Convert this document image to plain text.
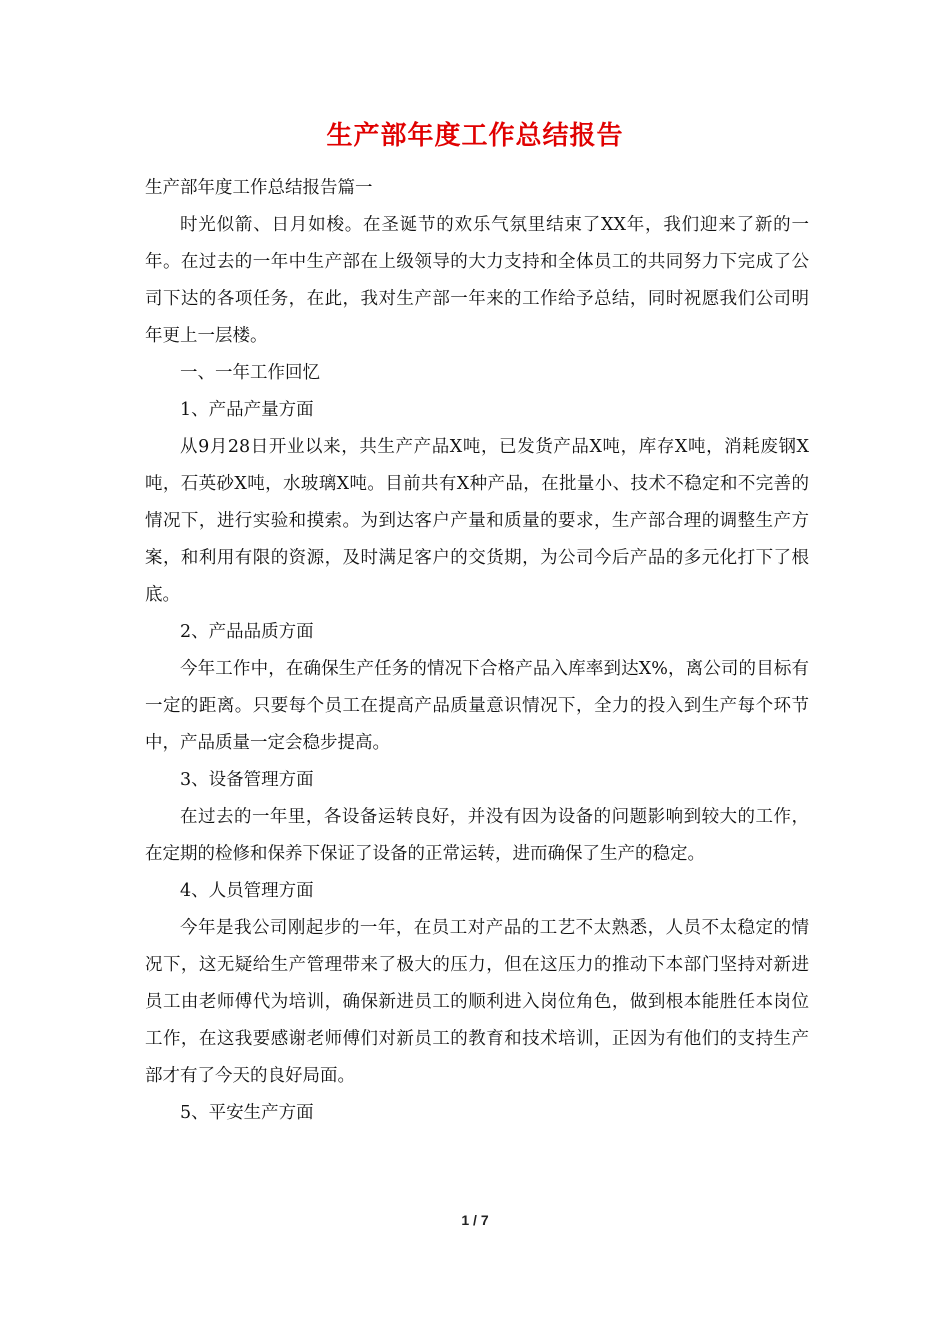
生产部年度工作总结报告

生产部年度工作总结报告篇一

时光似箭、日月如梭。在圣诞节的欢乐气氛里结束了XX年，我们迎来了新的一年。在过去的一年中生产部在上级领导的大力支持和全体员工的共同努力下完成了公司下达的各项任务，在此，我对生产部一年来的工作给予总结，同时祝愿我们公司明年更上一层楼。

一、一年工作回忆

1、产品产量方面

从9月28日开业以来，共生产产品X吨，已发货产品X吨，库存X吨，消耗废钢X吨，石英砂X吨，水玻璃X吨。目前共有X种产品，在批量小、技术不稳定和不完善的情况下，进行实验和摸索。为到达客户产量和质量的要求，生产部合理的调整生产方案，和利用有限的资源，及时满足客户的交货期，为公司今后产品的多元化打下了根底。

2、产品品质方面

今年工作中，在确保生产任务的情况下合格产品入库率到达X%，离公司的目标有一定的距离。只要每个员工在提高产品质量意识情况下，全力的投入到生产每个环节中，产品质量一定会稳步提高。

3、设备管理方面

在过去的一年里，各设备运转良好，并没有因为设备的问题影响到较大的工作，在定期的检修和保养下保证了设备的正常运转，进而确保了生产的稳定。

4、人员管理方面

今年是我公司刚起步的一年，在员工对产品的工艺不太熟悉，人员不太稳定的情况下，这无疑给生产管理带来了极大的压力，但在这压力的推动下本部门坚持对新进员工由老师傅代为培训，确保新进员工的顺利进入岗位角色，做到根本能胜任本岗位工作，在这我要感谢老师傅们对新员工的教育和技术培训，正因为有他们的支持生产部才有了今天的良好局面。

5、平安生产方面

1 / 7
